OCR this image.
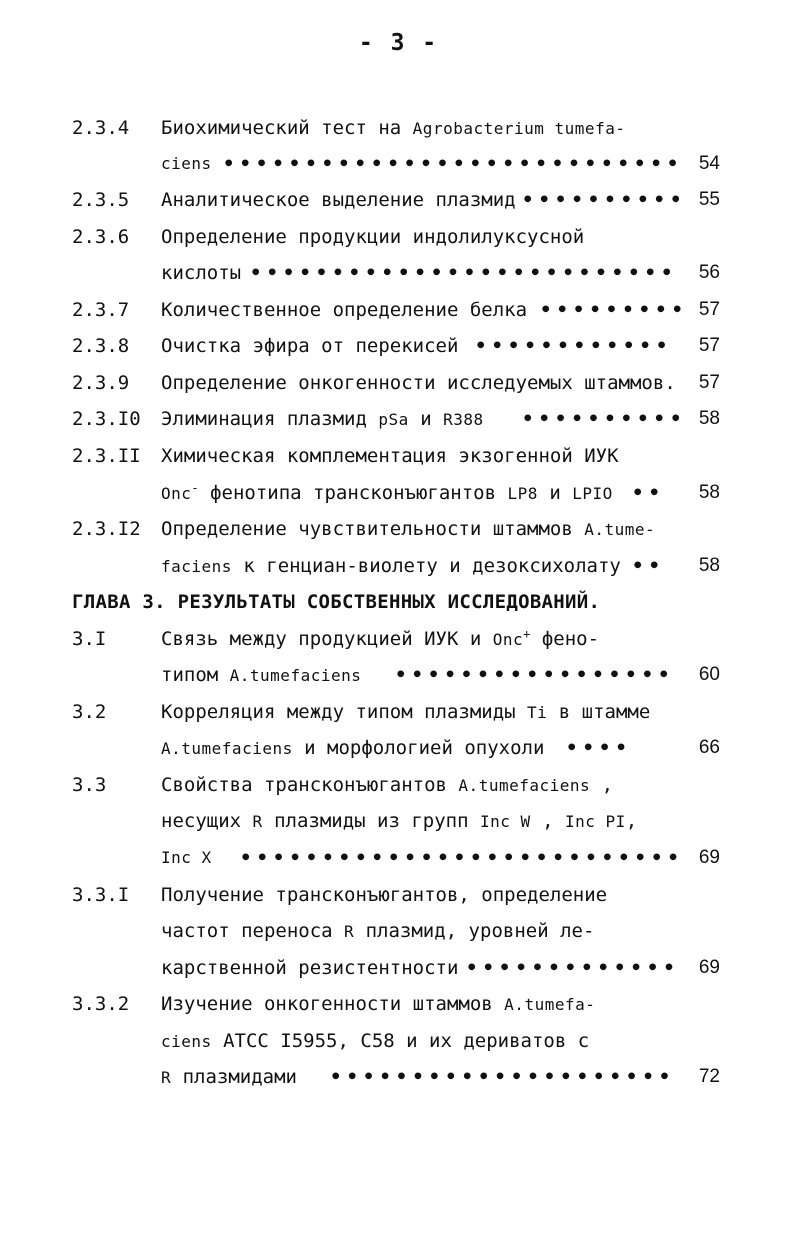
- 3 -
2.3.4 Биохимический тест на Agrobacterium tumefa-
ciens •••••••••••••••••••••••••••• 54
2.3.5 Аналитическое выделение плазмид •••••••••• 55
2.3.6 Определение продукции индолилуксусной
кислоты •••••••••••••••••••••••••• 56
2.3.7 Количественное определение белка ••••••••• 57
2.3.8 Очистка эфира от перекисей •••••••••••• 57
2.3.9 Определение онкогенности исследуемых штаммов. 57
2.3.I0 Элиминация плазмид pSa и R388 •••••••••• 58
2.3.II Химическая комплементация экзогенной ИУК
Onc- фенотипа трансконъюгантов LP8 и LPIO •• 58
2.3.I2 Определение чувствительности штаммов A.tume-
faciens к генциан-виолету и дезоксихолату •• 58
ГЛАВА 3. РЕЗУЛЬТАТЫ СОБСТВЕННЫХ ИССЛЕДОВАНИЙ.
3.I	Связь между продукцией ИУК и Onc+ фено-
типом A.tumefaciens ••••••••••••••••• 60
3.2	Корреляция между типом плазмиды Ti в штамме
A.tumefaciens и морфологией опухоли ••••	66
3.3	Свойства трансконъюгантов A.tumefaciens ,
несущих R плазмиды из групп Inc W , Inc PI,
Inc X ••••••••••••••••••••••••••• 69
3.3.I Получение трансконъюгантов, определение
частот переноса R плазмид, уровней ле-
карственной резистентности ••••••••••••• 69
3.3.2 Изучение онкогенности штаммов A.tumefa-
ciens АТСС I5955, С58 и их дериватов с
R плазмидами ••••••••••••••••••••• 72
